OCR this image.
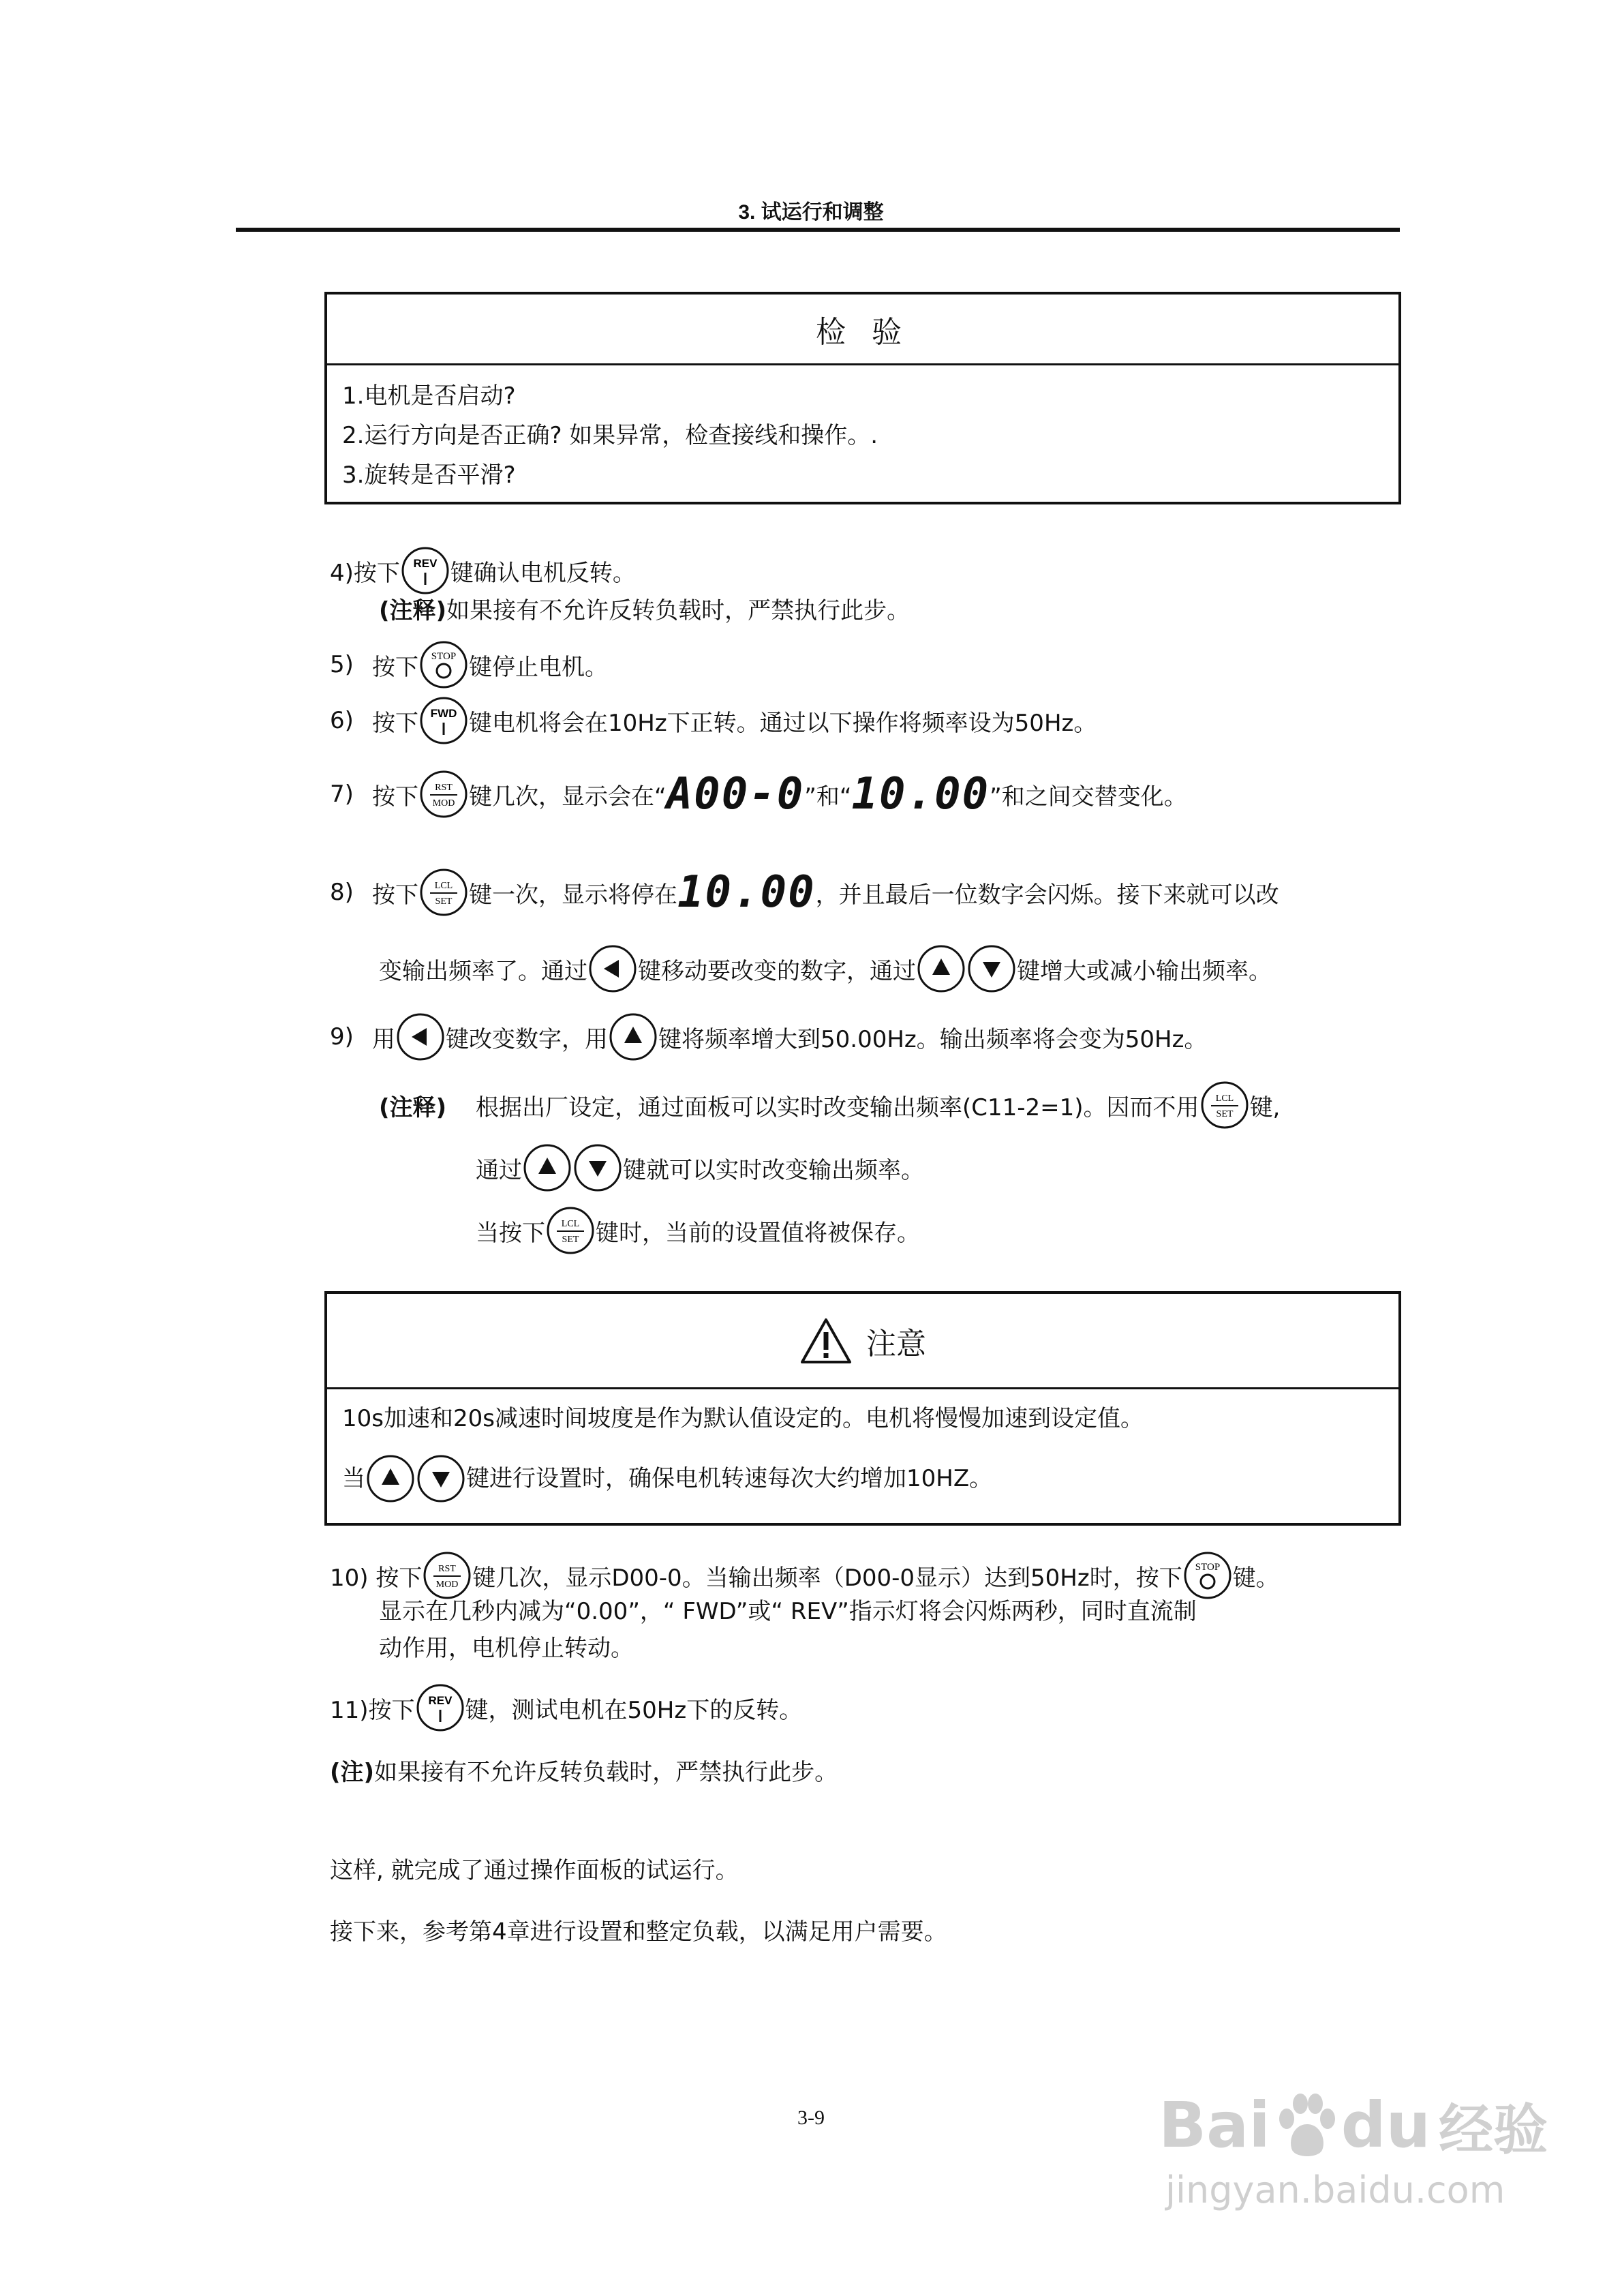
3. 试运行和调整
检 验
1.电机是否启动?
2.运行方向是否正确? 如果异常，检查接线和操作。.
3.旋转是否平滑?
4)按下 REV 键确认电机反转。
(注释) 如果接有不允许反转负载时，严禁执行此步。
5) 按下 STOP 键停止电机。
6) 按下 FWD 键电机将会在10Hz下正转。通过以下操作将频率设为50Hz。
7) 按下 RST
MOD 键几次，显示会在“ A00-0 ”和“ 10.00 ”和之间交替变化。
8) 按下 LCL
SET 键一次，显示将停在 10.00 ，并且最后一位数字会闪烁。接下来就可以改
变输出频率了。通过 键移动要改变的数字，通过	键增大或减小输出频率。
9) 用 键改变数字，用 键将频率增大到50.00Hz。输出频率将会变为50Hz。
(注释)	根据出厂设定，通过面板可以实时改变输出频率(C11-2=1)。因而不用 LCL
SET 键,
通过	键就可以实时改变输出频率。
当按下 LCL
SET 键时，当前的设置值将被保存。
注意
10s加速和20s减速时间坡度是作为默认值设定的。电机将慢慢加速到设定值。
当	键进行设置时，确保电机转速每次大约增加10HZ。
10) 按下 RST
MOD 键几次，显示D00-0。当输出频率（D00-0显示）达到50Hz时，按下 STOP 键。
显示在几秒内减为“0.00”，“ FWD”或“ REV”指示灯将会闪烁两秒，同时直流制
动作用，电机停止转动。
11)按下 REV 键，测试电机在50Hz下的反转。
(注) 如果接有不允许反转负载时，严禁执行此步。
这样, 就完成了通过操作面板的试运行。
接下来，参考第4章进行设置和整定负载，以满足用户需要。
3-9	Bai du 经验
jingyan.baidu.com
